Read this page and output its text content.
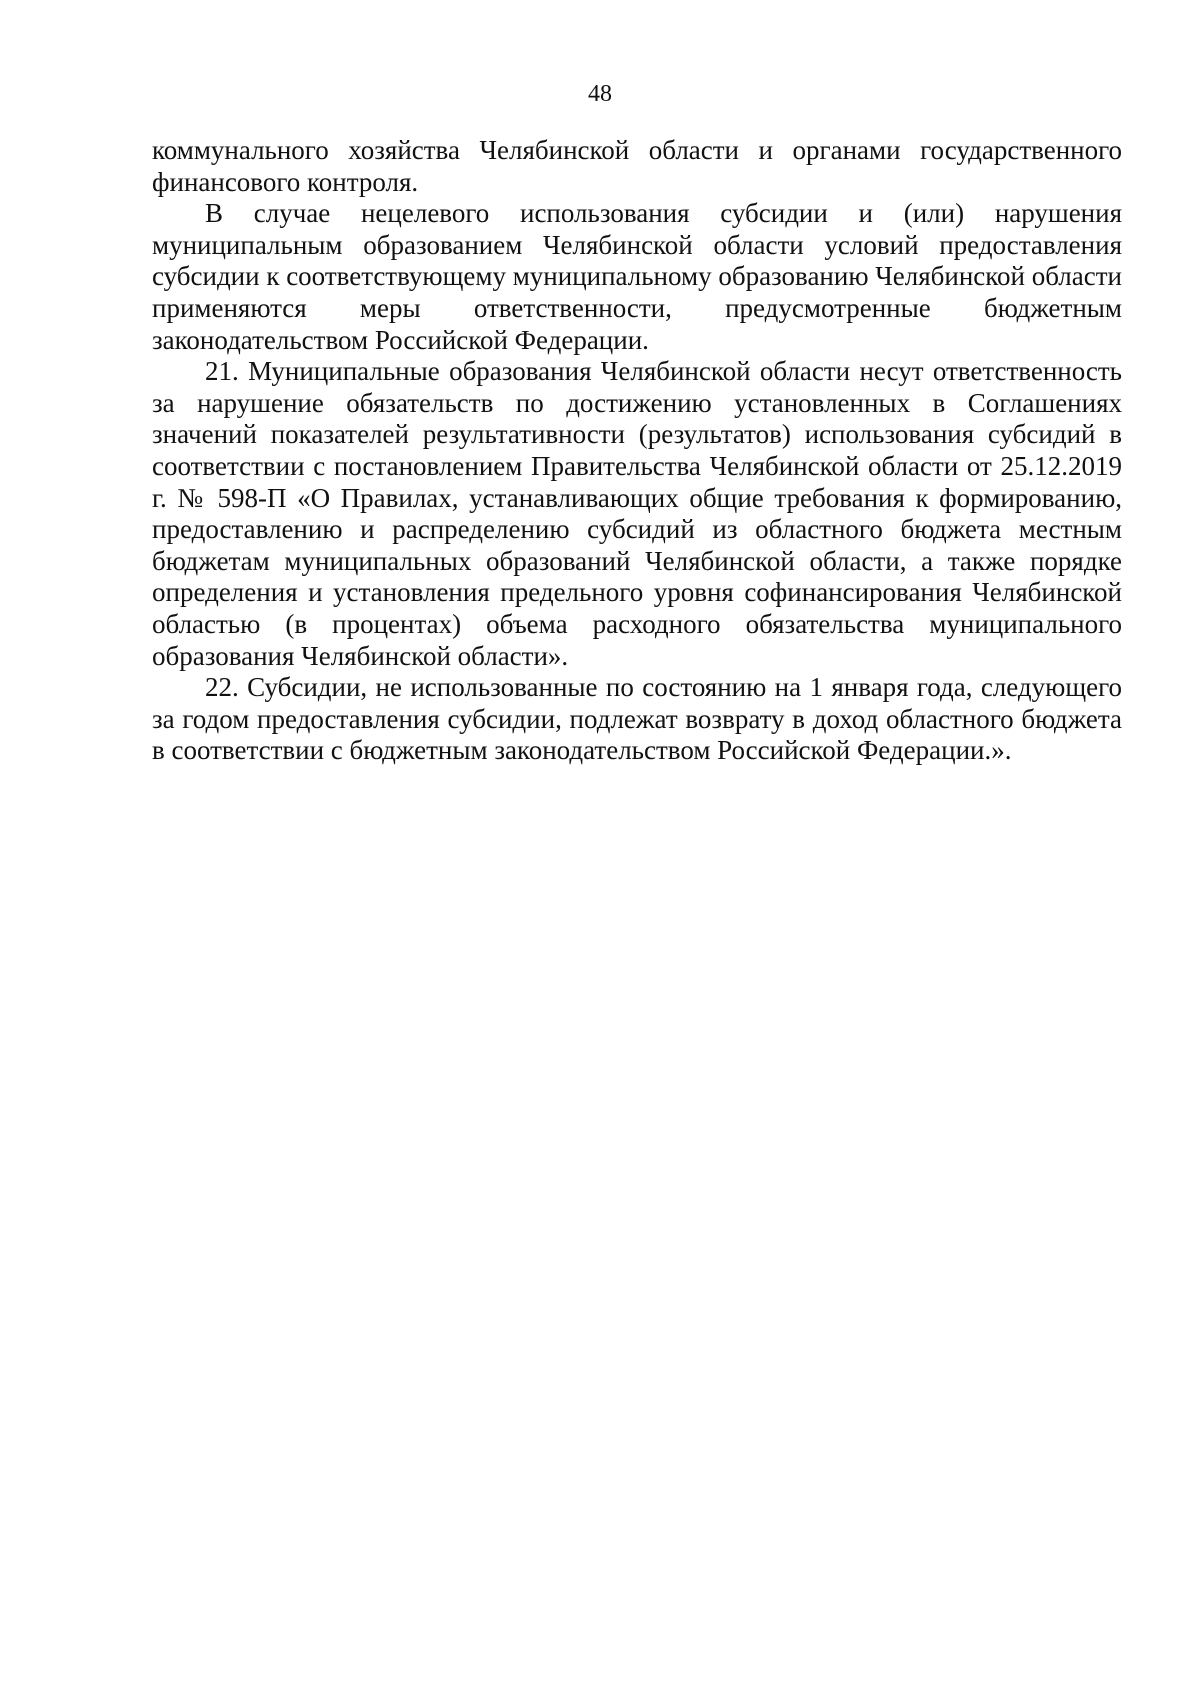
48

коммунального хозяйства Челябинской области и органами государственного финансового контроля.

В случае нецелевого использования субсидии и (или) нарушения муниципальным образованием Челябинской области условий предоставления субсидии к соответствующему муниципальному образованию Челябинской области применяются меры ответственности, предусмотренные бюджетным законодательством Российской Федерации.

21. Муниципальные образования Челябинской области несут ответственность за нарушение обязательств по достижению установленных в Соглашениях значений показателей результативности (результатов) использования субсидий в соответствии с постановлением Правительства Челябинской области от 25.12.2019 г. № 598-П «О Правилах, устанавливающих общие требования к формированию, предоставлению и распределению субсидий из областного бюджета местным бюджетам муниципальных образований Челябинской области, а также порядке определения и установления предельного уровня софинансирования Челябинской областью (в процентах) объема расходного обязательства муниципального образования Челябинской области».

22. Субсидии, не использованные по состоянию на 1 января года, следующего за годом предоставления субсидии, подлежат возврату в доход областного бюджета в соответствии с бюджетным законодательством Российской Федерации.».
